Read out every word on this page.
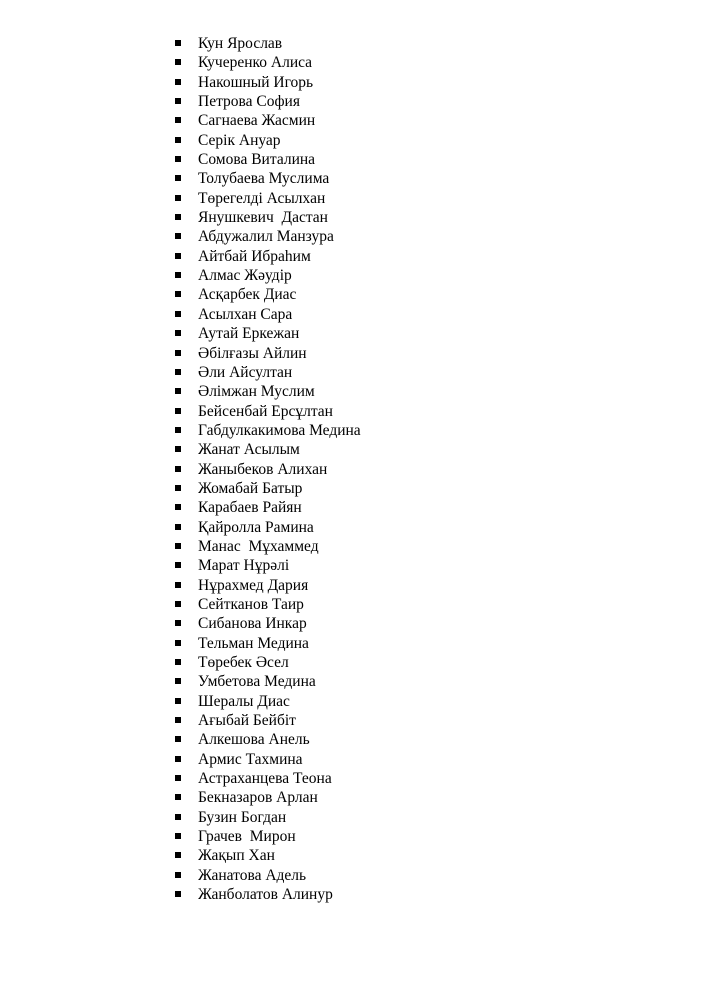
Кун Ярослав
Кучеренко Алиса
Накошный Игорь
Петрова София
Сагнаева Жасмин
Серік Ануар
Сомова Виталина
Толубаева Муслима
Төрегелді Асылхан
Янушкевич  Дастан
Абдужалил Манзура
Айтбай Ибраһим
Алмас Жәудір
Асқарбек Диас
Асылхан Сара
Аутай Еркежан
Әбілғазы Айлин
Әли Айсултан
Әлімжан Муслим
Бейсенбай Ерсұлтан
Габдулкакимова Медина
Жанат Асылым
Жаныбеков Алихан
Жомабай Батыр
Карабаев Райян
Қайролла Рамина
Манас  Мұхаммед
Марат Нұрәлі
Нұрахмед Дария
Сейтканов Таир
Сибанова Инкар
Тельман Медина
Төребек Әсел
Умбетова Медина
Шералы Диас
Ағыбай Бейбіт
Алкешова Анель
Армис Тахмина
Астраханцева Теона
Бекназаров Арлан
Бузин Богдан
Грачев  Мирон
Жақып Хан
Жанатова Адель
Жанболатов Алинур
